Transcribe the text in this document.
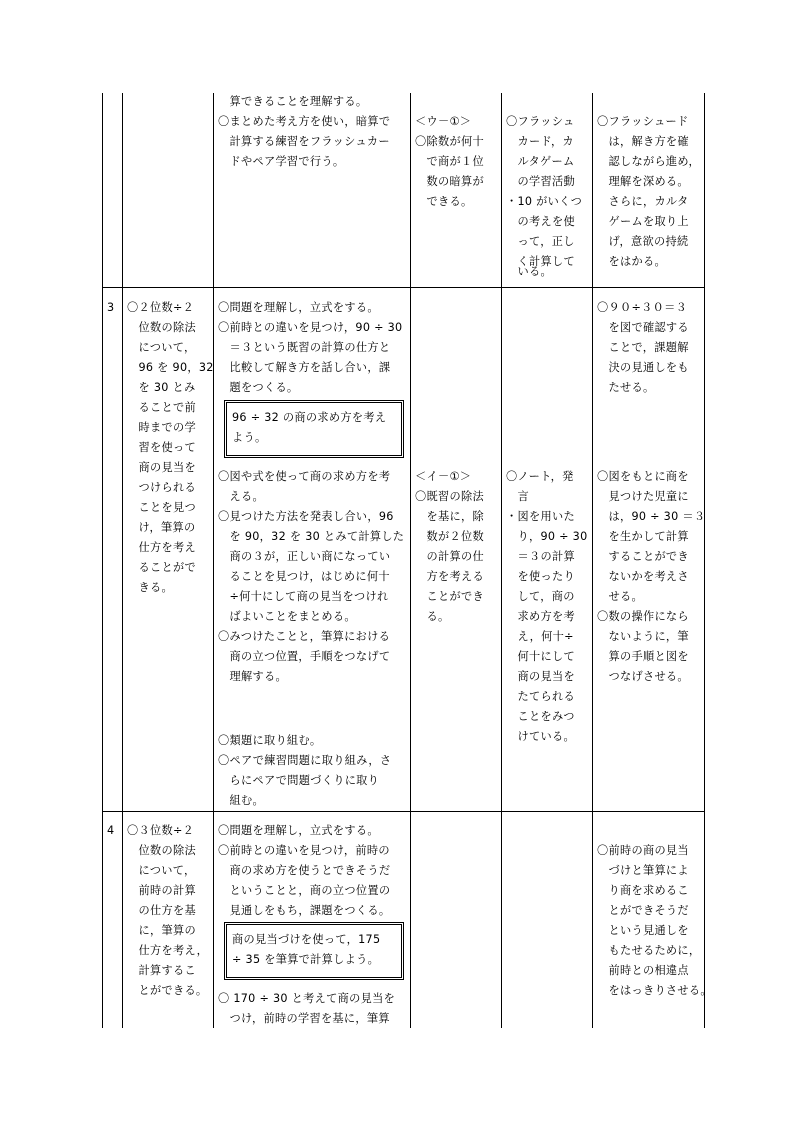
　算できることを理解する。
〇まとめた考え方を使い，暗算で
　計算する練習をフラッシュカー
　ドやペア学習で行う。
＜ウ－①＞
〇除数が何十
　で商が１位
　数の暗算が
　できる。
〇フラッシュ
　カード，カ
　ルタゲーム
　の学習活動
・10 がいくつ
　の考えを使
　って，正し
　く計算して
　いる。
〇フラッシュード
　は，解き方を確
　認しながら進め，
　理解を深める。
　さらに，カルタ
　ゲームを取り上
　げ，意欲の持続
　をはかる。
3 〇２位数÷２
　位数の除法
　について，
　96 を 90，32
　を 30 とみ
　ることで前
　時までの学
　習を使って
　商の見当を
　つけられる
　ことを見つ
　け，筆算の
　仕方を考え
　ることがで
　きる。
〇問題を理解し，立式をする。
〇前時との違いを見つけ，90 ÷ 30
　＝３という既習の計算の仕方と
　比較して解き方を話し合い，課
　題をつくる。
96 ÷ 32 の商の求め方を考え
よう。
〇図や式を使って商の求め方を考
　える。
〇見つけた方法を発表し合い，96
　を 90，32 を 30 とみて計算した
　商の３が，正しい商になってい
　ることを見つけ，はじめに何十
　÷何十にして商の見当をつけれ
　ばよいことをまとめる。
〇みつけたことと，筆算における
　商の立つ位置，手順をつなげて
　理解する。
〇類題に取り組む。
〇ペアで練習問題に取り組み，さ
　らにペアで問題づくりに取り
　組む。
＜イ－①＞
〇既習の除法
　を基に，除
　数が２位数
　の計算の仕
　方を考える
　ことができ
　る。
〇ノート，発
　言
・図を用いた
　り，90 ÷ 30
　＝３の計算
　を使ったり
　して，商の
　求め方を考
　え，何十÷
　何十にして
　商の見当を
　たてられる
　ことをみつ
　けている。
〇９０÷３０＝３
　を図で確認する
　ことで，課題解
　決の見通しをも
　たせる。
〇図をもとに商を
　見つけた児童に
　は，90 ÷ 30 ＝３
　を生かして計算
　することができ
　ないかを考えさ
　せる。
〇数の操作になら
　ないように，筆
　算の手順と図を
　つなげさせる。
4 〇３位数÷２
　位数の除法
　について，
　前時の計算
　の仕方を基
　に，筆算の
　仕方を考え，
　計算するこ
　とができる。
〇問題を理解し，立式をする。
〇前時との違いを見つけ，前時の
　商の求め方を使うとできそうだ
　ということと，商の立つ位置の
　見通しをもち，課題をつくる。
商の見当づけを使って，175
÷ 35 を筆算で計算しよう。
〇 170 ÷ 30 と考えて商の見当を
　つけ，前時の学習を基に，筆算
〇前時の商の見当
　づけと筆算によ
　り商を求めるこ
　とができそうだ
　という見通しを
　もたせるために，
　前時との相違点
　をはっきりさせる。
